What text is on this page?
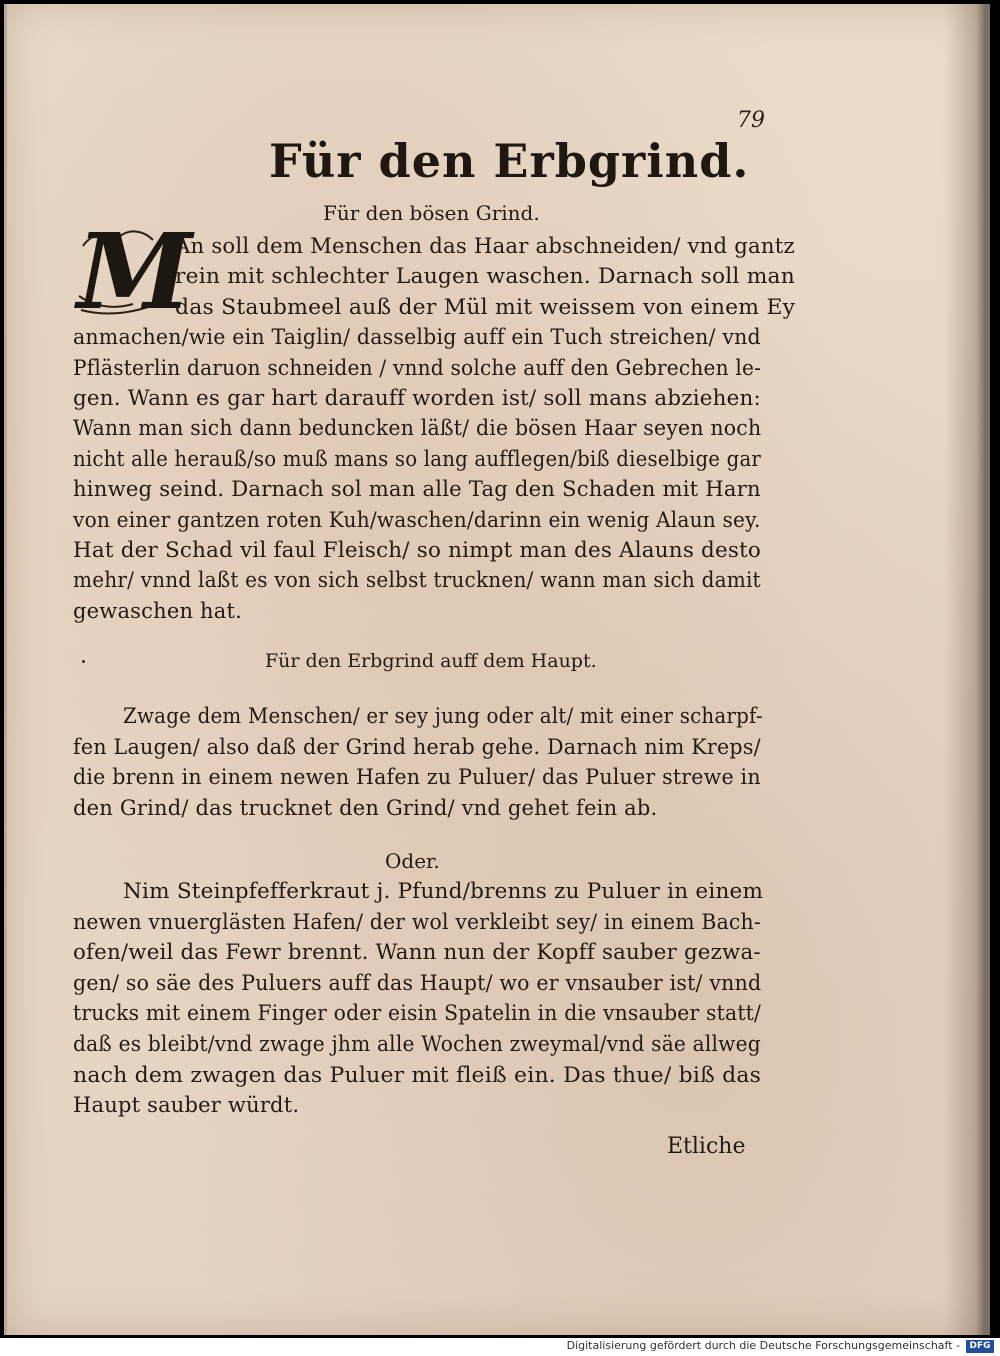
79
Für den Erbgrind.
Für den bösen Grind.
M
An soll dem Menschen das Haar abschneiden/ vnd gantz
rein mit schlechter Laugen waschen. Darnach soll man
das Staubmeel auß der Mül mit weissem von einem Ey
anmachen/wie ein Taiglin/ dasselbig auff ein Tuch streichen/ vnd
Pflästerlin daruon schneiden / vnnd solche auff den Gebrechen le-
gen. Wann es gar hart darauff worden ist/ soll mans abziehen:
Wann man sich dann beduncken läßt/ die bösen Haar seyen noch
nicht alle herauß/so muß mans so lang aufflegen/biß dieselbige gar
hinweg seind. Darnach sol man alle Tag den Schaden mit Harn
von einer gantzen roten Kuh/waschen/darinn ein wenig Alaun sey.
Hat der Schad vil faul Fleisch/ so nimpt man des Alauns desto
mehr/ vnnd laßt es von sich selbst trucknen/ wann man sich damit
gewaschen hat.
Für den Erbgrind auff dem Haupt.
Zwage dem Menschen/ er sey jung oder alt/ mit einer scharpf-
fen Laugen/ also daß der Grind herab gehe. Darnach nim Kreps/
die brenn in einem newen Hafen zu Puluer/ das Puluer strewe in
den Grind/ das trucknet den Grind/ vnd gehet fein ab.
Oder.
Nim Steinpfefferkraut j. Pfund/brenns zu Puluer in einem
newen vnuerglästen Hafen/ der wol verkleibt sey/ in einem Bach-
ofen/weil das Fewr brennt. Wann nun der Kopff sauber gezwa-
gen/ so säe des Puluers auff das Haupt/ wo er vnsauber ist/ vnnd
trucks mit einem Finger oder eisin Spatelin in die vnsauber statt/
daß es bleibt/vnd zwage jhm alle Wochen zweymal/vnd säe allweg
nach dem zwagen das Puluer mit fleiß ein. Das thue/ biß das
Haupt sauber würdt.
Etliche
Digitalisierung gefördert durch die Deutsche Forschungsgemeinschaft -	DFG
